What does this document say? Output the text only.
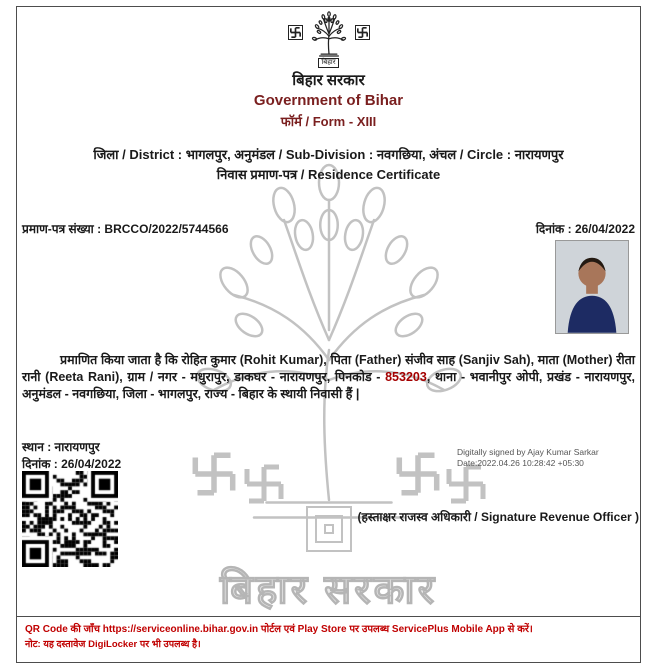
बिहार सरकार
बिहार
बिहार सरकार
Government of Bihar
फॉर्म / Form - XIII
जिला / District : भागलपुर, अनुमंडल / Sub-Division : नवगछिया, अंचल / Circle : नारायणपुर
निवास प्रमाण-पत्र / Residence Certificate
प्रमाण-पत्र संख्या : BRCCO/2022/5744566	दिनांक : 26/04/2022

प्रमाणित किया जाता है कि रोहित कुमार (Rohit Kumar), पिता (Father) संजीव साह (Sanjiv Sah), माता (Mother) रीता रानी (Reeta Rani), ग्राम / नगर - मधुरापुर, डाकघर - नारायणपुर, पिनकोड - 853203, थाना - भवानीपुर ओपी, प्रखंड - नारायणपुर, अनुमंडल - नवगछिया, जिला - भागलपुर, राज्य - बिहार के स्थायी निवासी हैं |

स्थान : नारायणपुर
दिनांक : 26/04/2022
Digitally signed by Ajay Kumar Sarkar
Date:2022.04.26 10:28:42 +05:30
(हस्ताक्षर राजस्व अधिकारी / Signature Revenue Officer )
QR Code की जाँच https://serviceonline.bihar.gov.in पोर्टल एवं Play Store पर उपलब्ध ServicePlus Mobile App से करें।
नोट: यह दस्तावेज DigiLocker पर भी उपलब्ध है।
